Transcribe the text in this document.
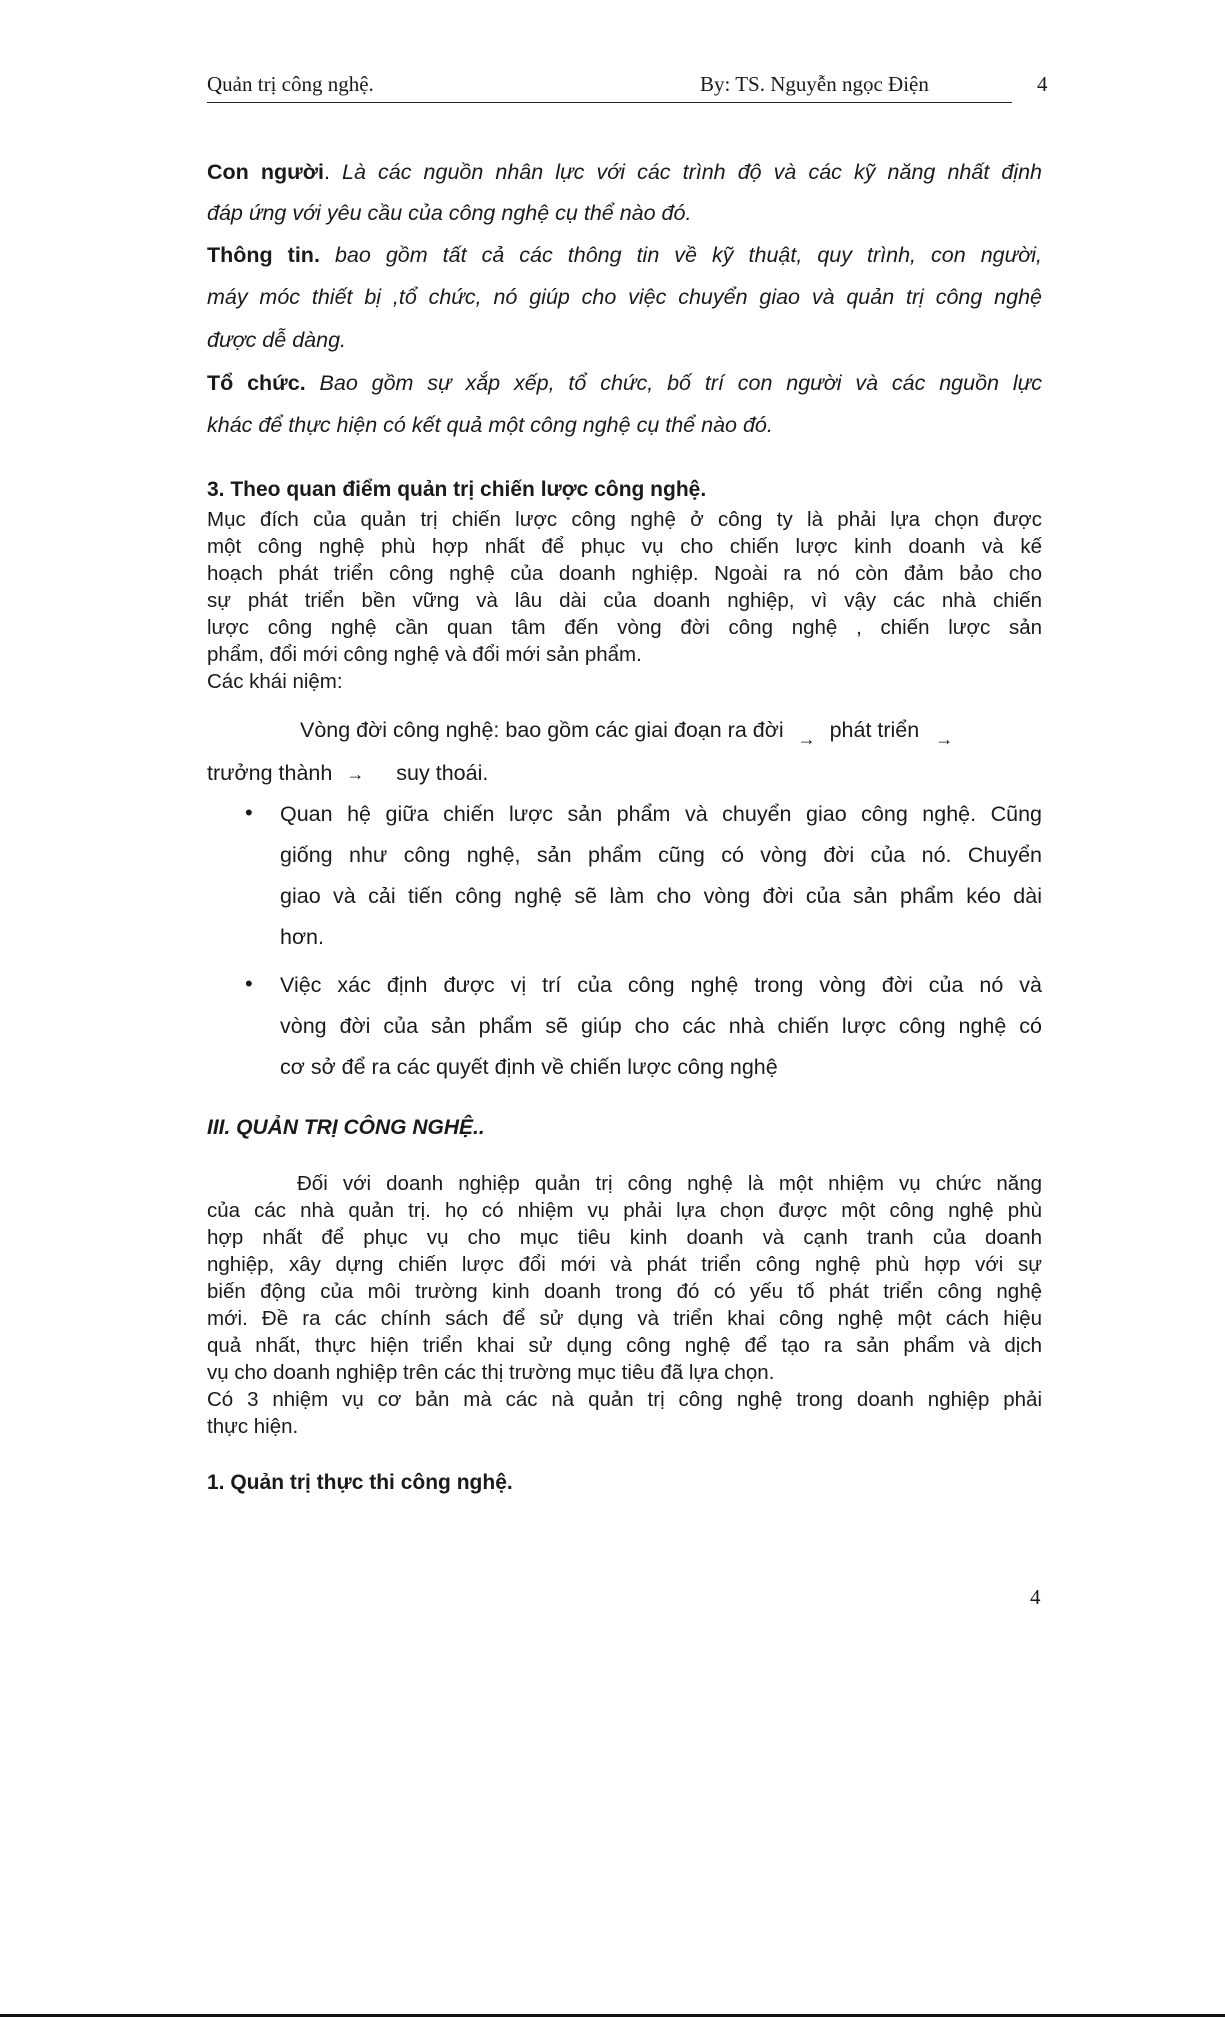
Quản trị công nghệ.	By: TS. Nguyễn ngọc Điện	4
Con người. Là các nguồn nhân lực với các trình độ và các kỹ năng nhất định
đáp ứng với yêu cầu của công nghệ cụ thể nào đó.
Thông tin. bao gồm tất cả các thông tin về kỹ thuật, quy trình, con người,
máy móc thiết bị ,tổ chức, nó giúp cho việc chuyển giao và quản trị công nghệ
được dễ dàng.
Tổ chức. Bao gồm sự xắp xếp, tổ chức, bố trí con người và các nguồn lực
khác để thực hiện có kết quả một công nghệ cụ thể nào đó.
3. Theo quan điểm quản trị chiến lược công nghệ.
Mục đích của quản trị chiến lược công nghệ ở công ty là phải lựa chọn được
một công nghệ phù hợp nhất để phục vụ cho chiến lược kinh doanh và kế
hoạch phát triển công nghệ của doanh nghiệp. Ngoài ra nó còn đảm bảo cho
sự phát triển bền vững và lâu dài của doanh nghiệp, vì vậy các nhà chiến
lược công nghệ cần quan tâm đến vòng đời công nghệ , chiến lược sản
phẩm, đổi mới công nghệ và đổi mới sản phẩm.
Các khái niệm:
Vòng đời công nghệ: bao gồm các giai đoạn ra đời $_\to$ phát triển $_\to$
trưởng thành → suy thoái.
• Quan hệ giữa chiến lược sản phẩm và chuyển giao công nghệ. Cũng
giống như công nghệ, sản phẩm cũng có vòng đời của nó. Chuyển
giao và cải tiến công nghệ sẽ làm cho vòng đời của sản phẩm kéo dài
hơn.
• Việc xác định được vị trí của công nghệ trong vòng đời của nó và
vòng đời của sản phẩm sẽ giúp cho các nhà chiến lược công nghệ có
cơ sở để ra các quyết định về chiến lược công nghệ
III. QUẢN TRỊ CÔNG NGHỆ..
Đối với doanh nghiệp quản trị công nghệ là một nhiệm vụ chức năng
của các nhà quản trị. họ có nhiệm vụ phải lựa chọn được một công nghệ phù
hợp nhất để phục vụ cho mục tiêu kinh doanh và cạnh tranh của doanh
nghiệp, xây dựng chiến lược đổi mới và phát triển công nghệ phù hợp với sự
biến động của môi trường kinh doanh trong đó có yếu tố phát triển công nghệ
mới. Đề ra các chính sách để sử dụng và triển khai công nghệ một cách hiệu
quả nhất, thực hiện triển khai sử dụng công nghệ để tạo ra sản phẩm và dịch
vụ cho doanh nghiệp trên các thị trường mục tiêu đã lựa chọn.
Có 3 nhiệm vụ cơ bản mà các nà quản trị công nghệ trong doanh nghiệp phải
thực hiện.
1. Quản trị thực thi công nghệ.
4
